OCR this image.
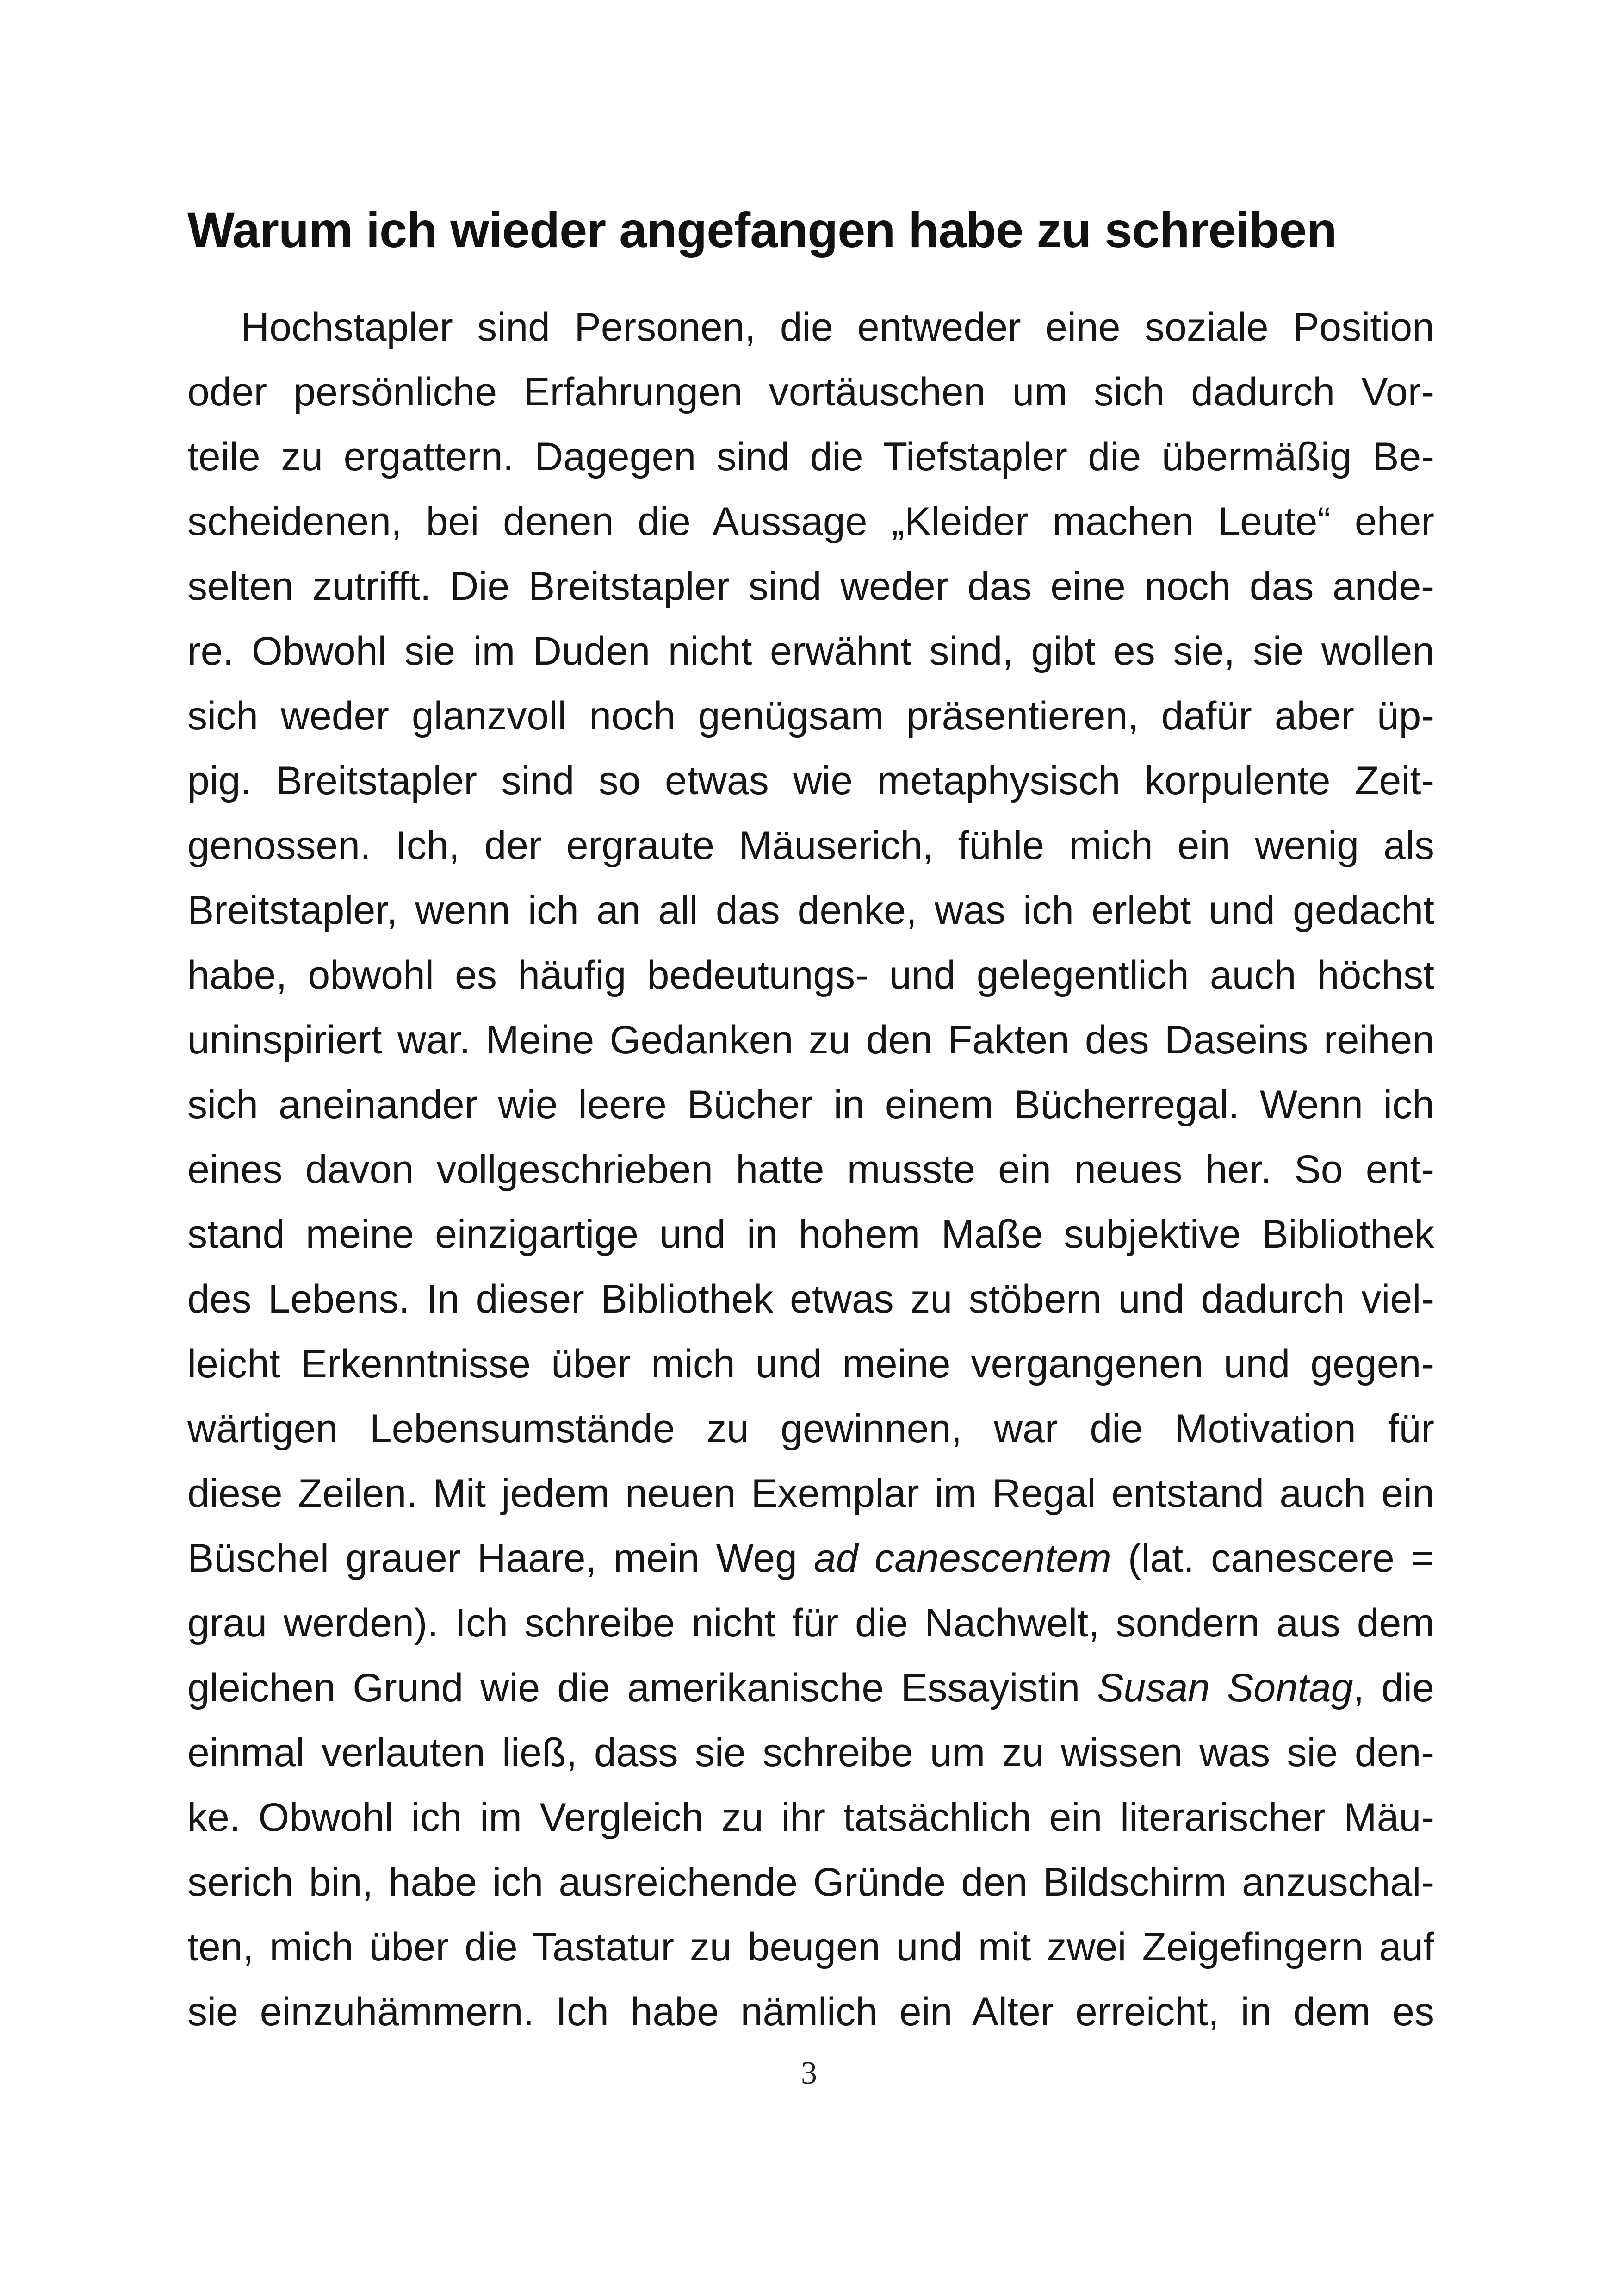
Warum ich wieder angefangen habe zu schreiben
Hochstapler sind Personen, die entweder eine soziale Position
oder persönliche Erfahrungen vortäuschen um sich dadurch Vor-
teile zu ergattern. Dagegen sind die Tiefstapler die übermäßig Be-
scheidenen, bei denen die Aussage „Kleider machen Leute“ eher
selten zutrifft. Die Breitstapler sind weder das eine noch das ande-
re. Obwohl sie im Duden nicht erwähnt sind, gibt es sie, sie wollen
sich weder glanzvoll noch genügsam präsentieren, dafür aber üp-
pig. Breitstapler sind so etwas wie metaphysisch korpulente Zeit-
genossen. Ich, der ergraute Mäuserich, fühle mich ein wenig als
Breitstapler, wenn ich an all das denke, was ich erlebt und gedacht
habe, obwohl es häufig bedeutungs- und gelegentlich auch höchst
uninspiriert war. Meine Gedanken zu den Fakten des Daseins reihen
sich aneinander wie leere Bücher in einem Bücherregal. Wenn ich
eines davon vollgeschrieben hatte musste ein neues her. So ent-
stand meine einzigartige und in hohem Maße subjektive Bibliothek
des Lebens. In dieser Bibliothek etwas zu stöbern und dadurch viel-
leicht Erkenntnisse über mich und meine vergangenen und gegen-
wärtigen Lebensumstände zu gewinnen, war die Motivation für
diese Zeilen. Mit jedem neuen Exemplar im Regal entstand auch ein
Büschel grauer Haare, mein Weg ad canescentem (lat. canescere =
grau werden). Ich schreibe nicht für die Nachwelt, sondern aus dem
gleichen Grund wie die amerikanische Essayistin Susan Sontag, die
einmal verlauten ließ, dass sie schreibe um zu wissen was sie den-
ke. Obwohl ich im Vergleich zu ihr tatsächlich ein literarischer Mäu-
serich bin, habe ich ausreichende Gründe den Bildschirm anzuschal-
ten, mich über die Tastatur zu beugen und mit zwei Zeigefingern auf
sie einzuhämmern. Ich habe nämlich ein Alter erreicht, in dem es
3
